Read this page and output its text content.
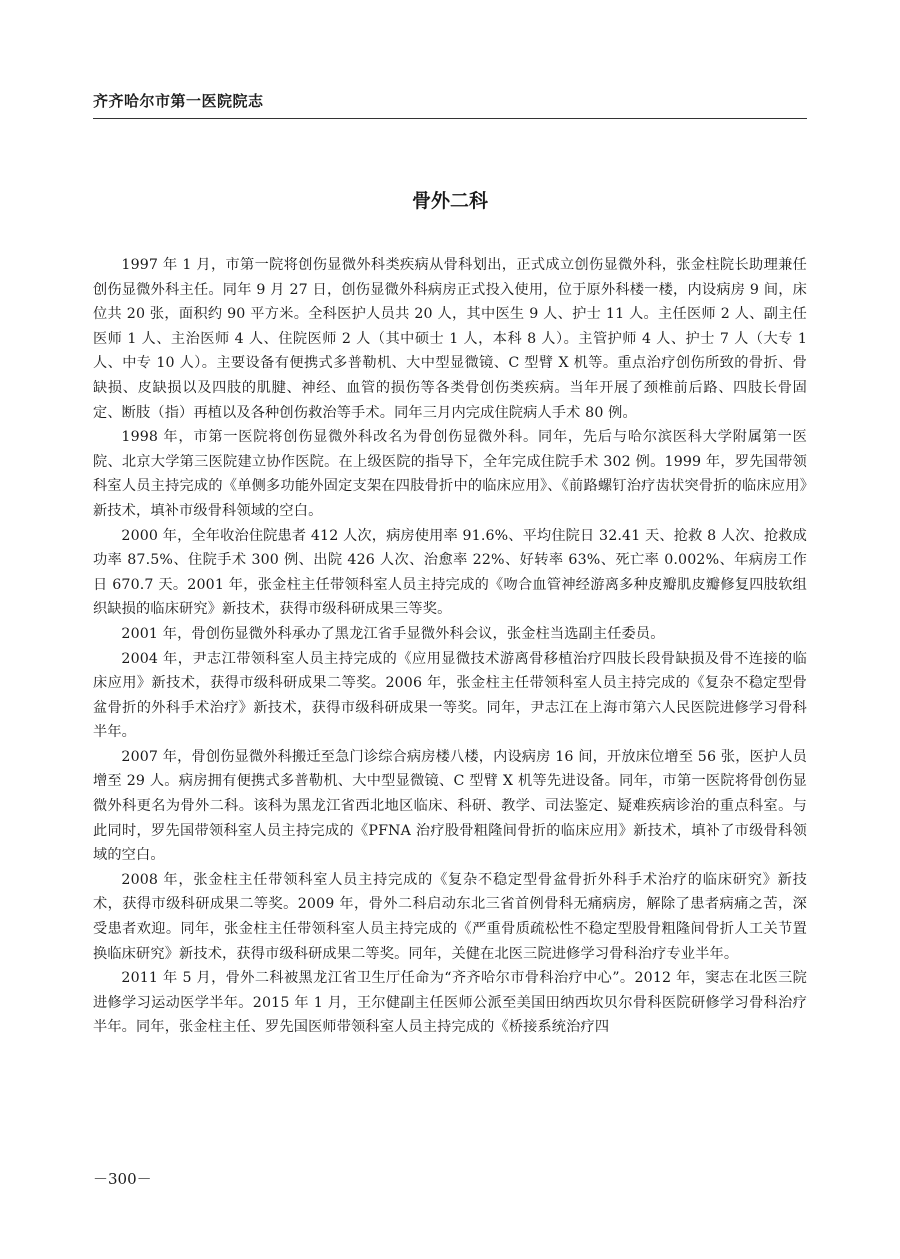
齐齐哈尔市第一医院院志
骨外二科

1997 年 1 月，市第一院将创伤显微外科类疾病从骨科划出，正式成立创伤显微外科，张金柱院长助理兼任创伤显微外科主任。同年 9 月 27 日，创伤显微外科病房正式投入使用，位于原外科楼一楼，内设病房 9 间，床位共 20 张，面积约 90 平方米。全科医护人员共 20 人，其中医生 9 人、护士 11 人。主任医师 2 人、副主任医师 1 人、主治医师 4 人、住院医师 2 人（其中硕士 1 人，本科 8 人）。主管护师 4 人、护士 7 人（大专 1 人、中专 10 人）。主要设备有便携式多普勒机、大中型显微镜、C 型臂 X 机等。重点治疗创伤所致的骨折、骨缺损、皮缺损以及四肢的肌腱、神经、血管的损伤等各类骨创伤类疾病。当年开展了颈椎前后路、四肢长骨固定、断肢（指）再植以及各种创伤救治等手术。同年三月内完成住院病人手术 80 例。

1998 年，市第一医院将创伤显微外科改名为骨创伤显微外科。同年，先后与哈尔滨医科大学附属第一医院、北京大学第三医院建立协作医院。在上级医院的指导下，全年完成住院手术 302 例。1999 年，罗先国带领科室人员主持完成的《单侧多功能外固定支架在四肢骨折中的临床应用》、《前路螺钉治疗齿状突骨折的临床应用》新技术，填补市级骨科领域的空白。

2000 年，全年收治住院患者 412 人次，病房使用率 91.6%、平均住院日 32.41 天、抢救 8 人次、抢救成功率 87.5%、住院手术 300 例、出院 426 人次、治愈率 22%、好转率 63%、死亡率 0.002%、年病房工作日 670.7 天。2001 年，张金柱主任带领科室人员主持完成的《吻合血管神经游离多种皮瓣肌皮瓣修复四肢软组织缺损的临床研究》新技术，获得市级科研成果三等奖。

2001 年，骨创伤显微外科承办了黑龙江省手显微外科会议，张金柱当选副主任委员。

2004 年，尹志江带领科室人员主持完成的《应用显微技术游离骨移植治疗四肢长段骨缺损及骨不连接的临床应用》新技术，获得市级科研成果二等奖。2006 年，张金柱主任带领科室人员主持完成的《复杂不稳定型骨盆骨折的外科手术治疗》新技术，获得市级科研成果一等奖。同年，尹志江在上海市第六人民医院进修学习骨科半年。

2007 年，骨创伤显微外科搬迁至急门诊综合病房楼八楼，内设病房 16 间，开放床位增至 56 张，医护人员增至 29 人。病房拥有便携式多普勒机、大中型显微镜、C 型臂 X 机等先进设备。同年，市第一医院将骨创伤显微外科更名为骨外二科。该科为黑龙江省西北地区临床、科研、教学、司法鉴定、疑难疾病诊治的重点科室。与此同时，罗先国带领科室人员主持完成的《PFNA 治疗股骨粗隆间骨折的临床应用》新技术，填补了市级骨科领域的空白。

2008 年，张金柱主任带领科室人员主持完成的《复杂不稳定型骨盆骨折外科手术治疗的临床研究》新技术，获得市级科研成果二等奖。2009 年，骨外二科启动东北三省首例骨科无痛病房，解除了患者病痛之苦，深受患者欢迎。同年，张金柱主任带领科室人员主持完成的《严重骨质疏松性不稳定型股骨粗隆间骨折人工关节置换临床研究》新技术，获得市级科研成果二等奖。同年，关健在北医三院进修学习骨科治疗专业半年。

2011 年 5 月，骨外二科被黑龙江省卫生厅任命为“齐齐哈尔市骨科治疗中心”。2012 年，窦志在北医三院进修学习运动医学半年。2015 年 1 月，王尔健副主任医师公派至美国田纳西坎贝尔骨科医院研修学习骨科治疗半年。同年，张金柱主任、罗先国医师带领科室人员主持完成的《桥接系统治疗四

－300－
